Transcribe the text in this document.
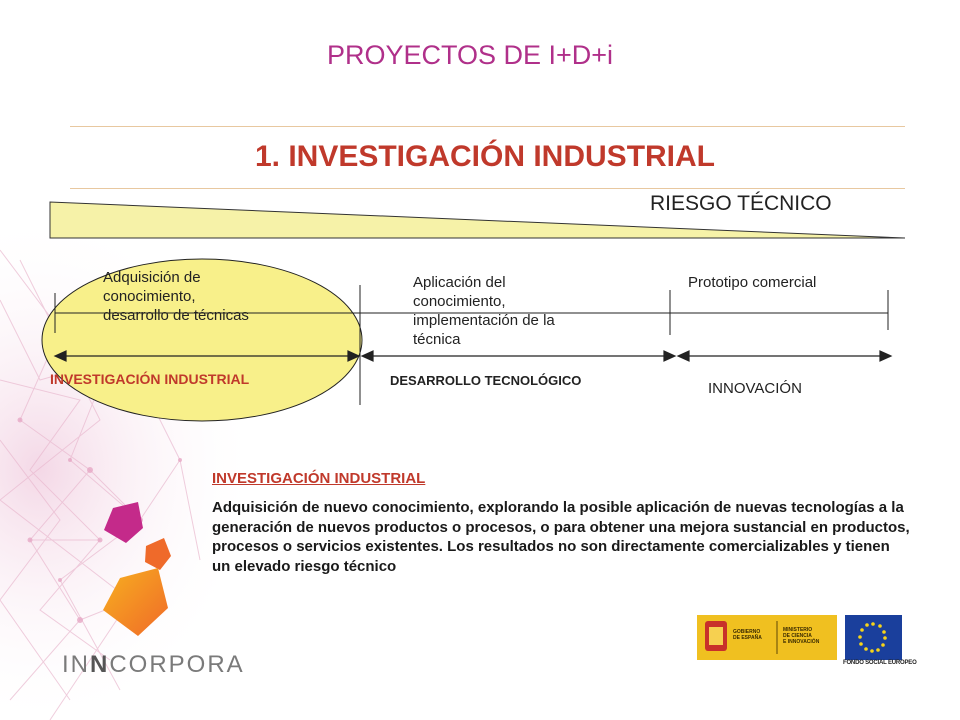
PROYECTOS DE I+D+i
1. INVESTIGACIÓN INDUSTRIAL
RIESGO TÉCNICO
Adquisición de
conocimiento,
desarrollo de técnicas
Aplicación del
conocimiento,
implementación de la
técnica
Prototipo comercial
INVESTIGACIÓN INDUSTRIAL	DESARROLLO TECNOLÓGICO	INNOVACIÓN
INVESTIGACIÓN INDUSTRIAL
Adquisición de nuevo conocimiento, explorando la posible aplicación de nuevas tecnologías a la generación de nuevos productos o procesos, o para obtener una mejora sustancial en productos, procesos o servicios existentes. Los resultados no son directamente comercializables y tienen un elevado riesgo técnico
INNCORPORA
GOBIERNO
DE ESPAÑA
MINISTERIO
DE CIENCIA
E INNOVACIÓN
FONDO SOCIAL EUROPEO
